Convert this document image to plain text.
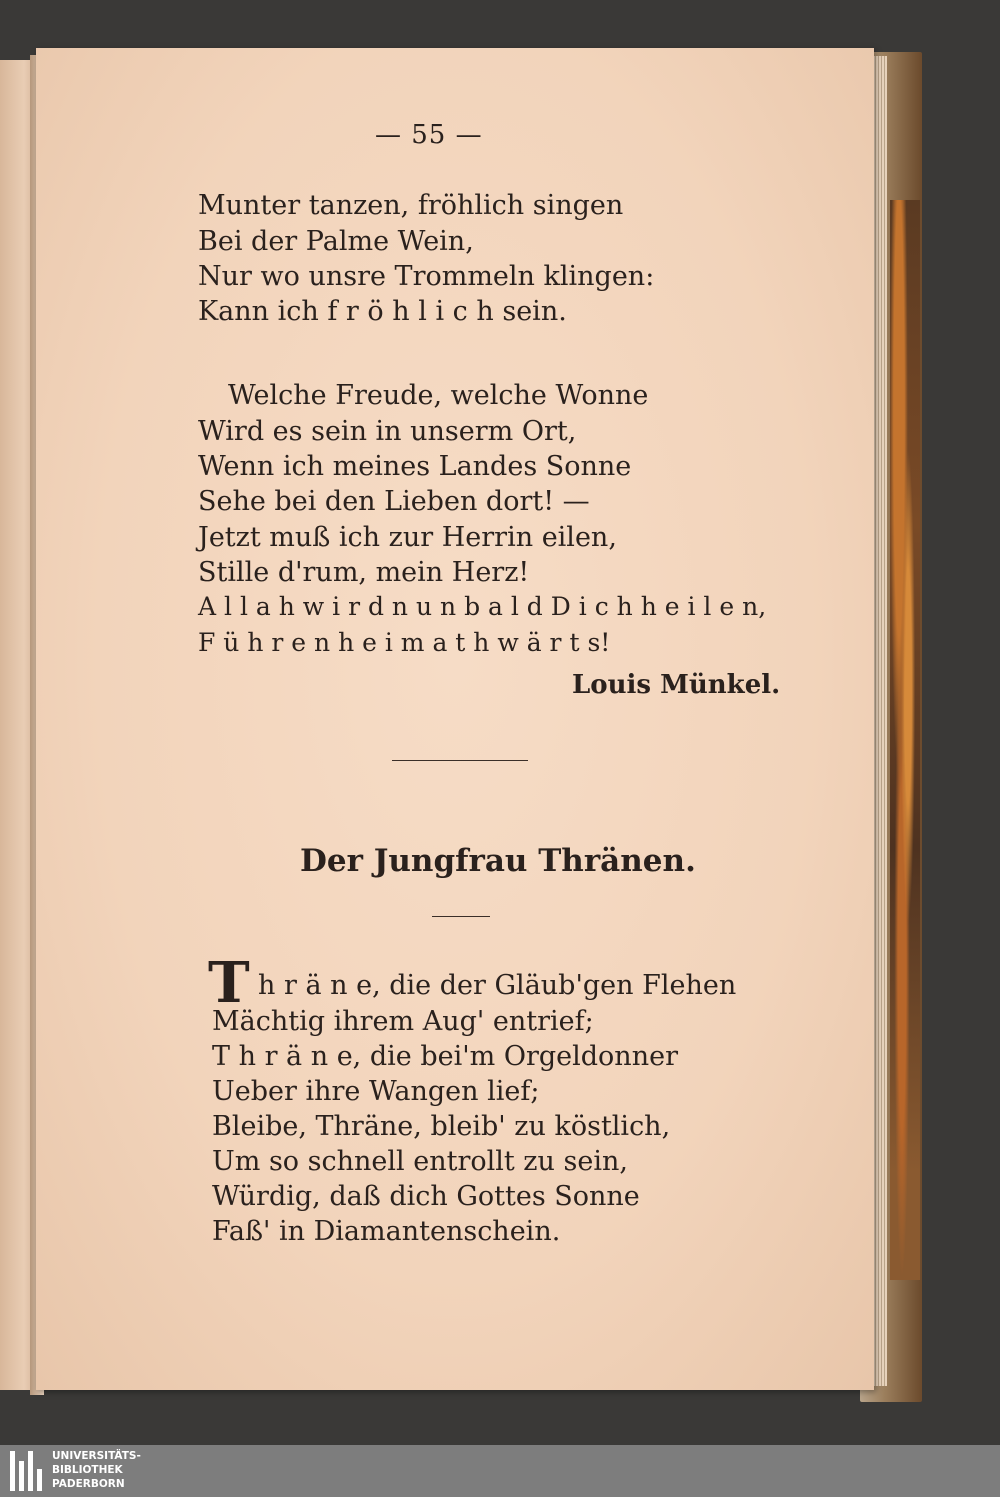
— 55 —
Munter tanzen, fröhlich singen
Bei der Palme Wein,
Nur wo unsre Trommeln klingen:
Kann ich f r ö h l i c h sein.
Welche Freude, welche Wonne
Wird es sein in unserm Ort,
Wenn ich meines Landes Sonne
Sehe bei den Lieben dort! —
Jetzt muß ich zur Herrin eilen,
Stille d'rum, mein Herz!
A l l a h w i r d n u n b a l d D i c h h e i l e n,
F ü h r e n h e i m a t h w ä r t s!
Louis Münkel.
Der Jungfrau Thränen.
T h r ä n e, die der Gläub'gen Flehen
Mächtig ihrem Aug' entrief;
T h r ä n e, die bei'm Orgeldonner
Ueber ihre Wangen lief;
Bleibe, Thräne, bleib' zu köstlich,
Um so schnell entrollt zu sein,
Würdig, daß dich Gottes Sonne
Faß' in Diamantenschein.
UNIVERSITÄTS-
BIBLIOTHEK
PADERBORN
